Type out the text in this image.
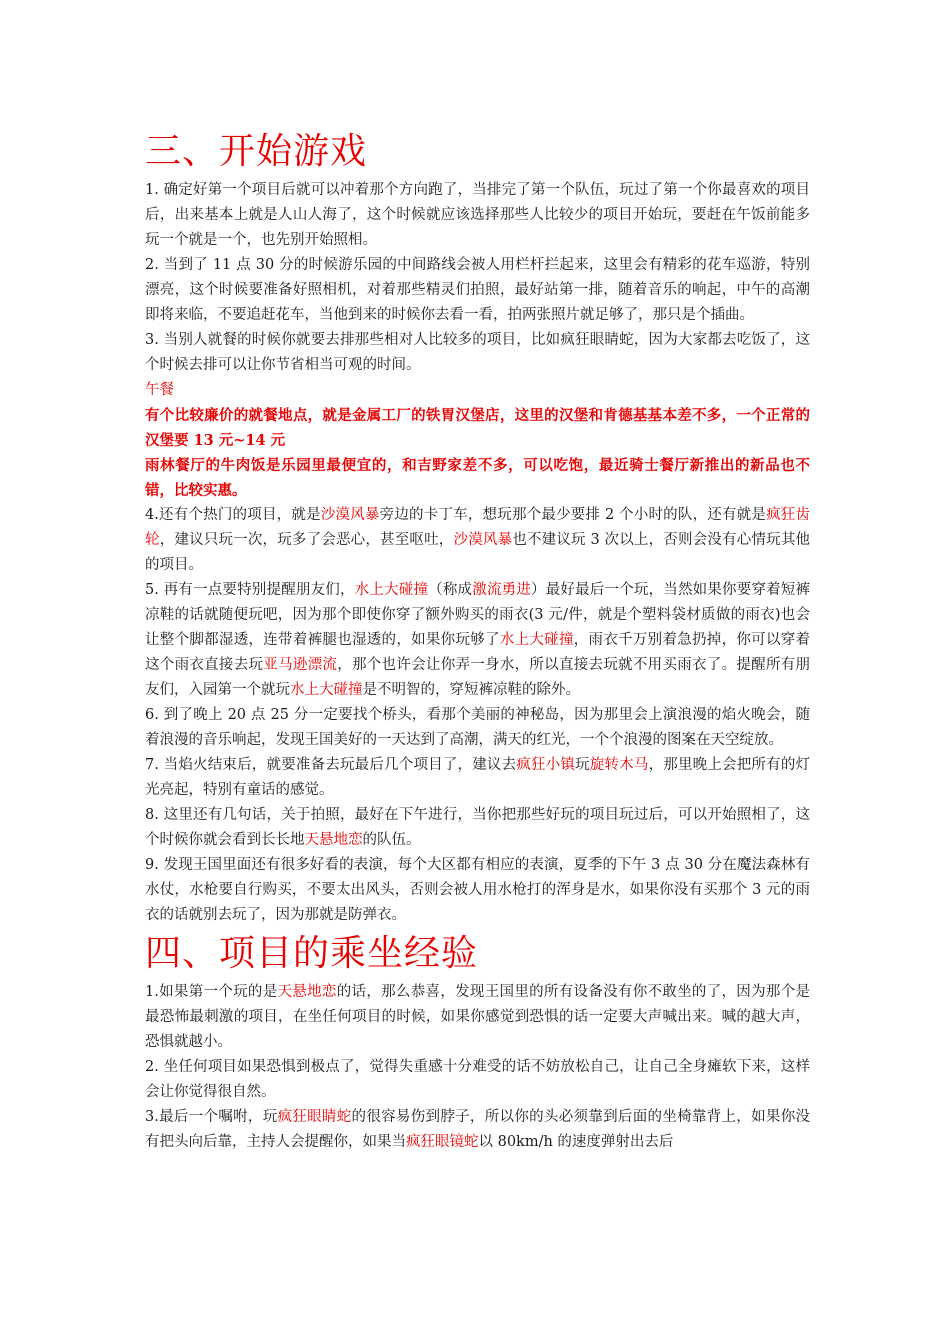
三、开始游戏
1. 确定好第一个项目后就可以冲着那个方向跑了，当排完了第一个队伍，玩过了第一个你最喜欢的项目后，出来基本上就是人山人海了，这个时候就应该选择那些人比较少的项目开始玩，要赶在午饭前能多玩一个就是一个，也先别开始照相。
2. 当到了 11 点 30 分的时候游乐园的中间路线会被人用栏杆拦起来，这里会有精彩的花车巡游，特别漂亮，这个时候要准备好照相机，对着那些精灵们拍照，最好站第一排，随着音乐的响起，中午的高潮即将来临，不要追赶花车，当他到来的时候你去看一看，拍两张照片就足够了，那只是个插曲。
3. 当别人就餐的时候你就要去排那些相对人比较多的项目，比如疯狂眼睛蛇，因为大家都去吃饭了，这个时候去排可以让你节省相当可观的时间。
午餐
有个比较廉价的就餐地点，就是金属工厂的铁胃汉堡店，这里的汉堡和肯德基基本差不多，一个正常的汉堡要 13 元~14 元
雨林餐厅的牛肉饭是乐园里最便宜的，和吉野家差不多，可以吃饱，最近骑士餐厅新推出的新品也不错，比较实惠。
4.还有个热门的项目，就是沙漠风暴旁边的卡丁车，想玩那个最少要排 2 个小时的队，还有就是疯狂齿轮，建议只玩一次，玩多了会恶心，甚至呕吐，沙漠风暴也不建议玩 3 次以上，否则会没有心情玩其他的项目。
5. 再有一点要特别提醒朋友们，水上大碰撞（称成激流勇进）最好最后一个玩，当然如果你要穿着短裤凉鞋的话就随便玩吧，因为那个即使你穿了额外购买的雨衣(3 元/件，就是个塑料袋材质做的雨衣)也会让整个脚都湿透，连带着裤腿也湿透的，如果你玩够了水上大碰撞，雨衣千万别着急扔掉，你可以穿着这个雨衣直接去玩亚马逊漂流，那个也许会让你弄一身水，所以直接去玩就不用买雨衣了。提醒所有朋友们，入园第一个就玩水上大碰撞是不明智的，穿短裤凉鞋的除外。
6. 到了晚上 20 点 25 分一定要找个桥头，看那个美丽的神秘岛，因为那里会上演浪漫的焰火晚会，随着浪漫的音乐响起，发现王国美好的一天达到了高潮，满天的红光，一个个浪漫的图案在天空绽放。
7. 当焰火结束后，就要准备去玩最后几个项目了，建议去疯狂小镇玩旋转木马，那里晚上会把所有的灯光亮起，特别有童话的感觉。
8. 这里还有几句话，关于拍照，最好在下午进行，当你把那些好玩的项目玩过后，可以开始照相了，这个时候你就会看到长长地天悬地恋的队伍。
9. 发现王国里面还有很多好看的表演，每个大区都有相应的表演，夏季的下午 3 点 30 分在魔法森林有水仗，水枪要自行购买，不要太出风头，否则会被人用水枪打的浑身是水，如果你没有买那个 3 元的雨衣的话就别去玩了，因为那就是防弹衣。
四、项目的乘坐经验
1.如果第一个玩的是天悬地恋的话，那么恭喜，发现王国里的所有设备没有你不敢坐的了，因为那个是最恐怖最刺激的项目，在坐任何项目的时候，如果你感觉到恐惧的话一定要大声喊出来。喊的越大声，恐惧就越小。
2. 坐任何项目如果恐惧到极点了，觉得失重感十分难受的话不妨放松自己，让自己全身瘫软下来，这样会让你觉得很自然。
3.最后一个嘱咐，玩疯狂眼睛蛇的很容易伤到脖子，所以你的头必须靠到后面的坐椅靠背上，如果你没有把头向后靠，主持人会提醒你，如果当疯狂眼镜蛇以 80km/h 的速度弹射出去后
